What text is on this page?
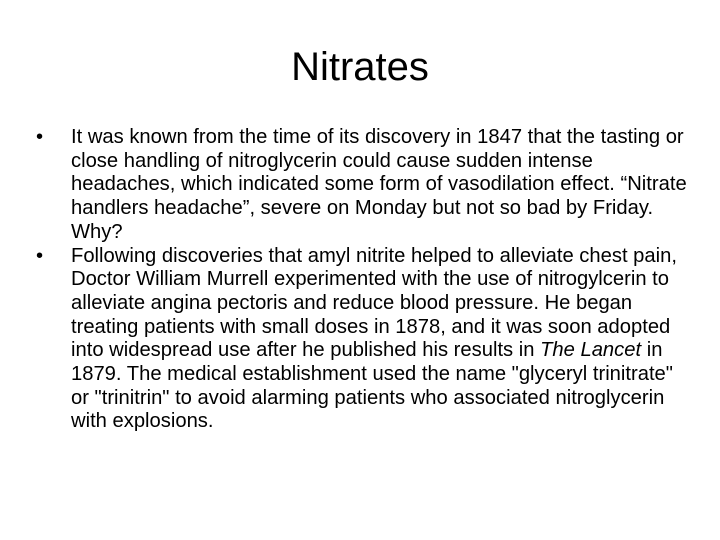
Nitrates
•	It was known from the time of its discovery in 1847 that the tasting or close handling of nitroglycerin could cause sudden intense headaches, which indicated some form of vasodilation effect. “Nitrate handlers headache”, severe on Monday but not so bad by Friday. Why?
•	Following discoveries that amyl nitrite helped to alleviate chest pain, Doctor William Murrell experimented with the use of nitrogylcerin to alleviate angina pectoris and reduce blood pressure. He began treating patients with small doses in 1878, and it was soon adopted into widespread use after he published his results in The Lancet in 1879. The medical establishment used the name "glyceryl trinitrate" or "trinitrin" to avoid alarming patients who associated nitroglycerin with explosions.
